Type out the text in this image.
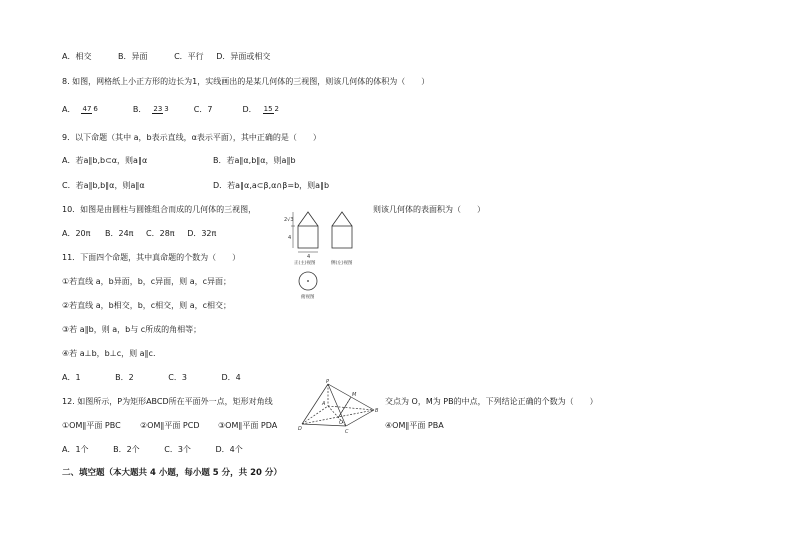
A．相交	B．异面	C．平行 D．异面或相交
8. 如图，网格纸上小正方形的边长为1，实线画出的是某几何体的三视图，则该几何体的体积为（　　）
A． 47 6	B． 23 3	C．7	D． 15 2
9．以下命题（其中 a，b表示直线，α表示平面），其中正确的是（　　）
A．若a∥b,b⊂α，则a∥α	B．若a∥α,b∥α，则a∥b
C．若a∥b,b∥α，则a∥α	D．若a∥α,a⊂β,α∩β=b，则a∥b
10．如图是由圆柱与圆锥组合而成的几何体的三视图，	则该几何体的表面积为（　　）
A．20π B．24π C．28π D．32π
2√3
4
4
正(主)视图	侧(左)视图
俯视图
11．下面四个命题，其中真命题的个数为（　　）
①若直线 a，b异面，b，c异面，则 a，c异面；
②若直线 a，b相交，b，c相交，则 a，c相交；
③若 a∥b，则 a，b与 c所成的角相等；
④若 a⊥b，b⊥c，则 a∥c.
A．1	B．2	C．3	D．4
12. 如图所示，P为矩形ABCD所在平面外一点，矩形对角线	交点为 O，M为 PB的中点，下列结论正确的个数为（　　）
①OM∥平面 PBC ②OM∥平面 PCD ③OM∥平面 PDA	④OM∥平面 PBA
A．1个	B．2个	C．3个	D．4个
P
A
B
C
D
M
O
二、填空题（本大题共 4 小题，每小题 5 分，共 20 分）
